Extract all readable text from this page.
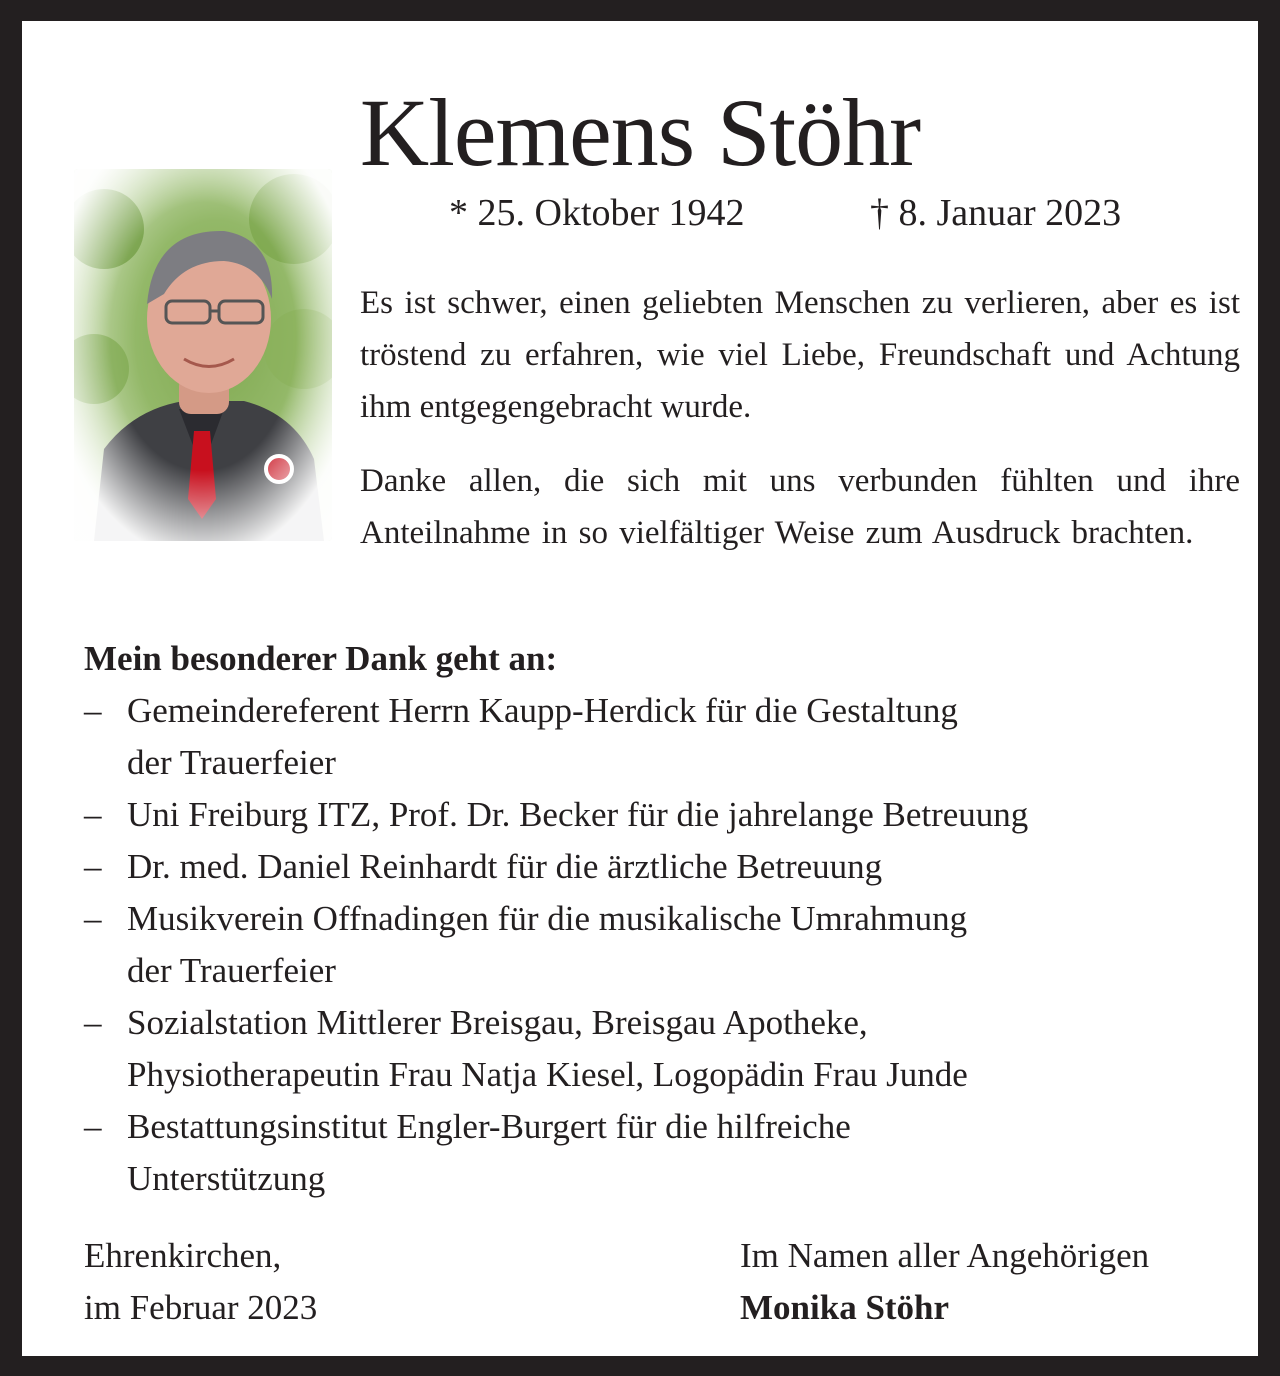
Klemens Stöhr
* 25. Oktober 1942	† 8. Januar 2023
Es ist schwer, einen geliebten Menschen zu verlieren, aber es ist tröstend zu erfahren, wie viel Liebe, Freundschaft und Achtung ihm entgegengebracht wurde.
Danke allen, die sich mit uns verbunden fühlten und ihre Anteilnahme in so vielfältiger Weise zum Ausdruck brachten.
Mein besonderer Dank geht an:
– Gemeindereferent Herrn Kaupp-Herdick für die Gestaltung
der Trauerfeier
– Uni Freiburg ITZ, Prof. Dr. Becker für die jahrelange Betreuung
– Dr. med. Daniel Reinhardt für die ärztliche Betreuung
– Musikverein Offnadingen für die musikalische Umrahmung
der Trauerfeier
– Sozialstation Mittlerer Breisgau, Breisgau Apotheke,
Physiotherapeutin Frau Natja Kiesel, Logopädin Frau Junde
– Bestattungsinstitut Engler-Burgert für die hilfreiche
Unterstützung
Ehrenkirchen,
im Februar 2023
Im Namen aller Angehörigen
Monika Stöhr
